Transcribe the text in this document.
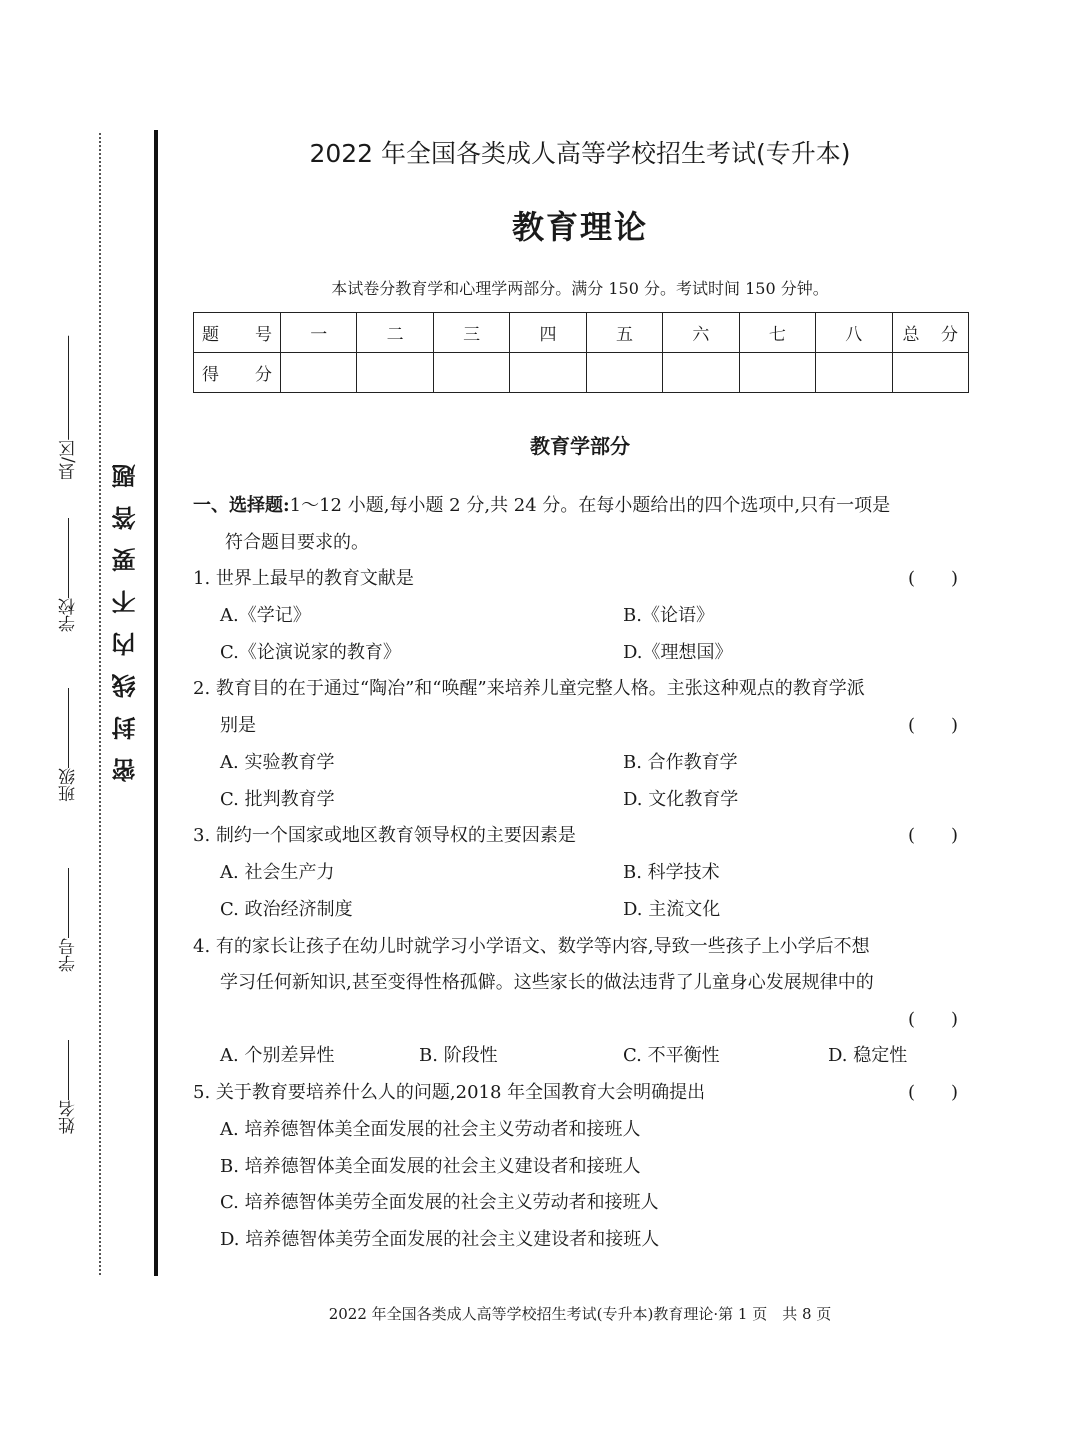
密封线内不要答题
姓名
学号
班级
学校
县/区
2022 年全国各类成人高等学校招生考试(专升本)
教育理论
本试卷分教育学和心理学两部分。满分 150 分。考试时间 150 分钟。
题　号	一	二	三	四	五	六	七	八	总　分
得　分									
教育学部分
一、选择题:1～12 小题,每小题 2 分,共 24 分。在每小题给出的四个选项中,只有一项是
符合题目要求的。
1. 世界上最早的教育文献是	(　　)
A.《学记》	B.《论语》
C.《论演说家的教育》	D.《理想国》
2. 教育目的在于通过“陶冶”和“唤醒”来培养儿童完整人格。主张这种观点的教育学派
别是	(　　)
A. 实验教育学	B. 合作教育学
C. 批判教育学	D. 文化教育学
3. 制约一个国家或地区教育领导权的主要因素是	(　　)
A. 社会生产力	B. 科学技术
C. 政治经济制度	D. 主流文化
4. 有的家长让孩子在幼儿时就学习小学语文、数学等内容,导致一些孩子上小学后不想
学习任何新知识,甚至变得性格孤僻。这些家长的做法违背了儿童身心发展规律中的
(　　)
A. 个别差异性	B. 阶段性	C. 不平衡性	D. 稳定性
5. 关于教育要培养什么人的问题,2018 年全国教育大会明确提出	(　　)
A. 培养德智体美全面发展的社会主义劳动者和接班人
B. 培养德智体美全面发展的社会主义建设者和接班人
C. 培养德智体美劳全面发展的社会主义劳动者和接班人
D. 培养德智体美劳全面发展的社会主义建设者和接班人
2022 年全国各类成人高等学校招生考试(专升本)教育理论·第 1 页　共 8 页
